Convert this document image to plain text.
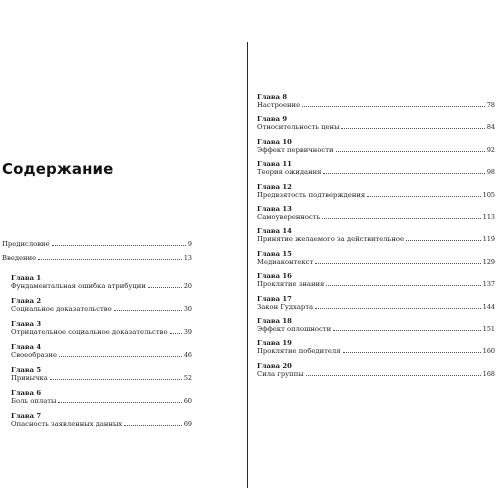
Содержание
Предисловие	9
Введение	13
Глава 1
Фундаментальная ошибка атрибуции	20
Глава 2
Социальное доказательство	30
Глава 3
Отрицательное социальное доказательство	39
Глава 4
Своеобразие	46
Глава 5
Привычка	52
Глава 6
Боль оплаты	60
Глава 7
Опасность заявленных данных	69
Глава 8
Настроение	78
Глава 9
Относительность цены	84
Глава 10
Эффект первичности	92
Глава 11
Теория ожидания	98
Глава 12
Предвзятость подтверждения	105
Глава 13
Самоуверенность	113
Глава 14
Принятие желаемого за действительное	119
Глава 15
Медиаконтекст	129
Глава 16
Проклятие знания	137
Глава 17
Закон Гудхарта	144
Глава 18
Эффект оплошности	151
Глава 19
Проклятие победителя	160
Глава 20
Сила группы	168
